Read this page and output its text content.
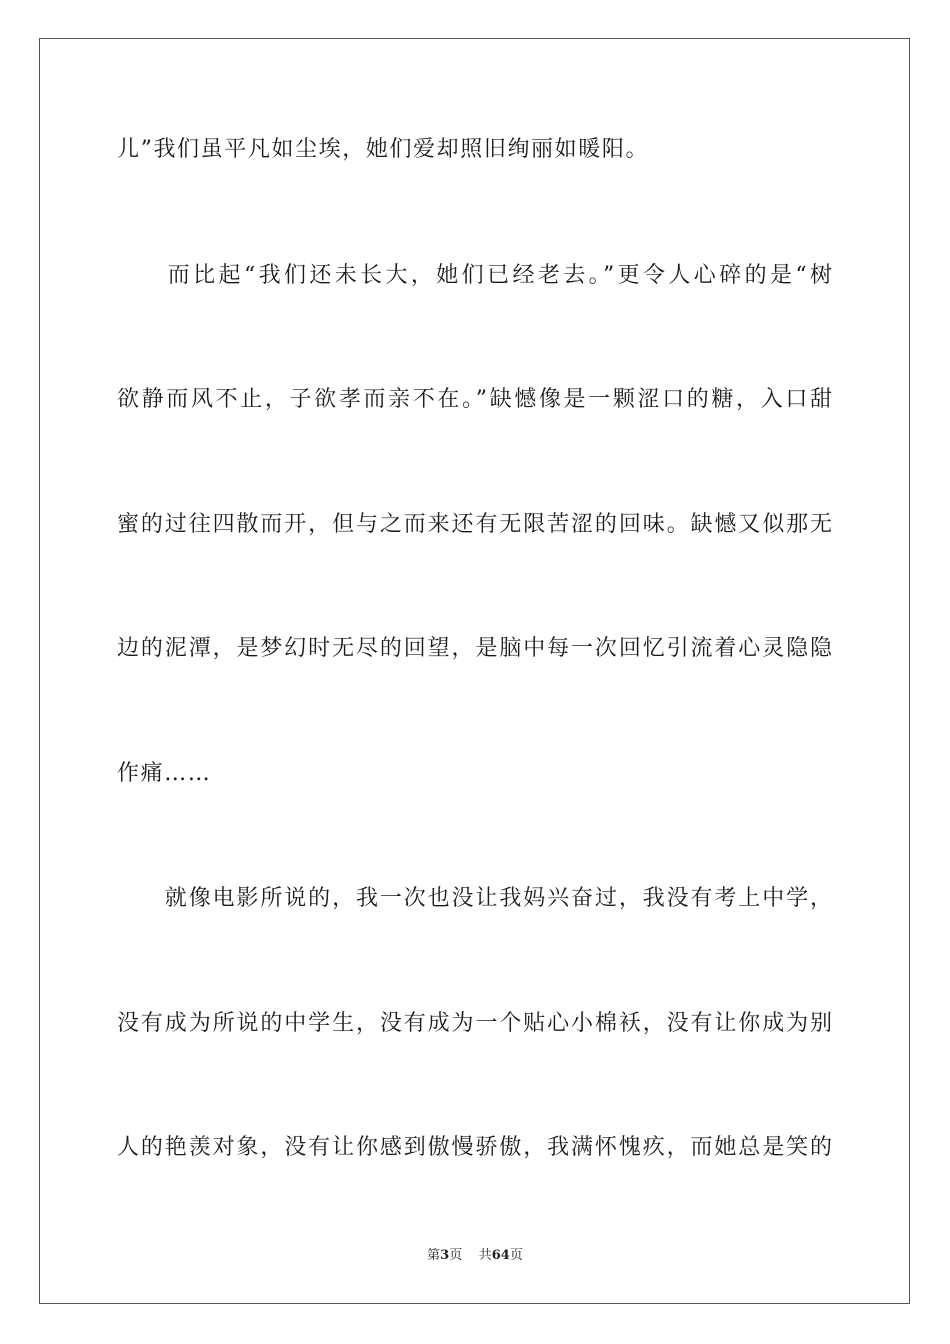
儿”我们虽平凡如尘埃，她们爱却照旧绚丽如暖阳。
　　而比起“我们还未长大，她们已经老去。”更令人心碎的是“树
欲静而风不止，子欲孝而亲不在。”缺憾像是一颗涩口的糖，入口甜
蜜的过往四散而开，但与之而来还有无限苦涩的回味。缺憾又似那无
边的泥潭，是梦幻时无尽的回望，是脑中每一次回忆引流着心灵隐隐
作痛……
　　就像电影所说的，我一次也没让我妈兴奋过，我没有考上中学，
没有成为所说的中学生，没有成为一个贴心小棉袄，没有让你成为别
人的艳羡对象，没有让你感到傲慢骄傲，我满怀愧疚，而她总是笑的
第3页 共64页
